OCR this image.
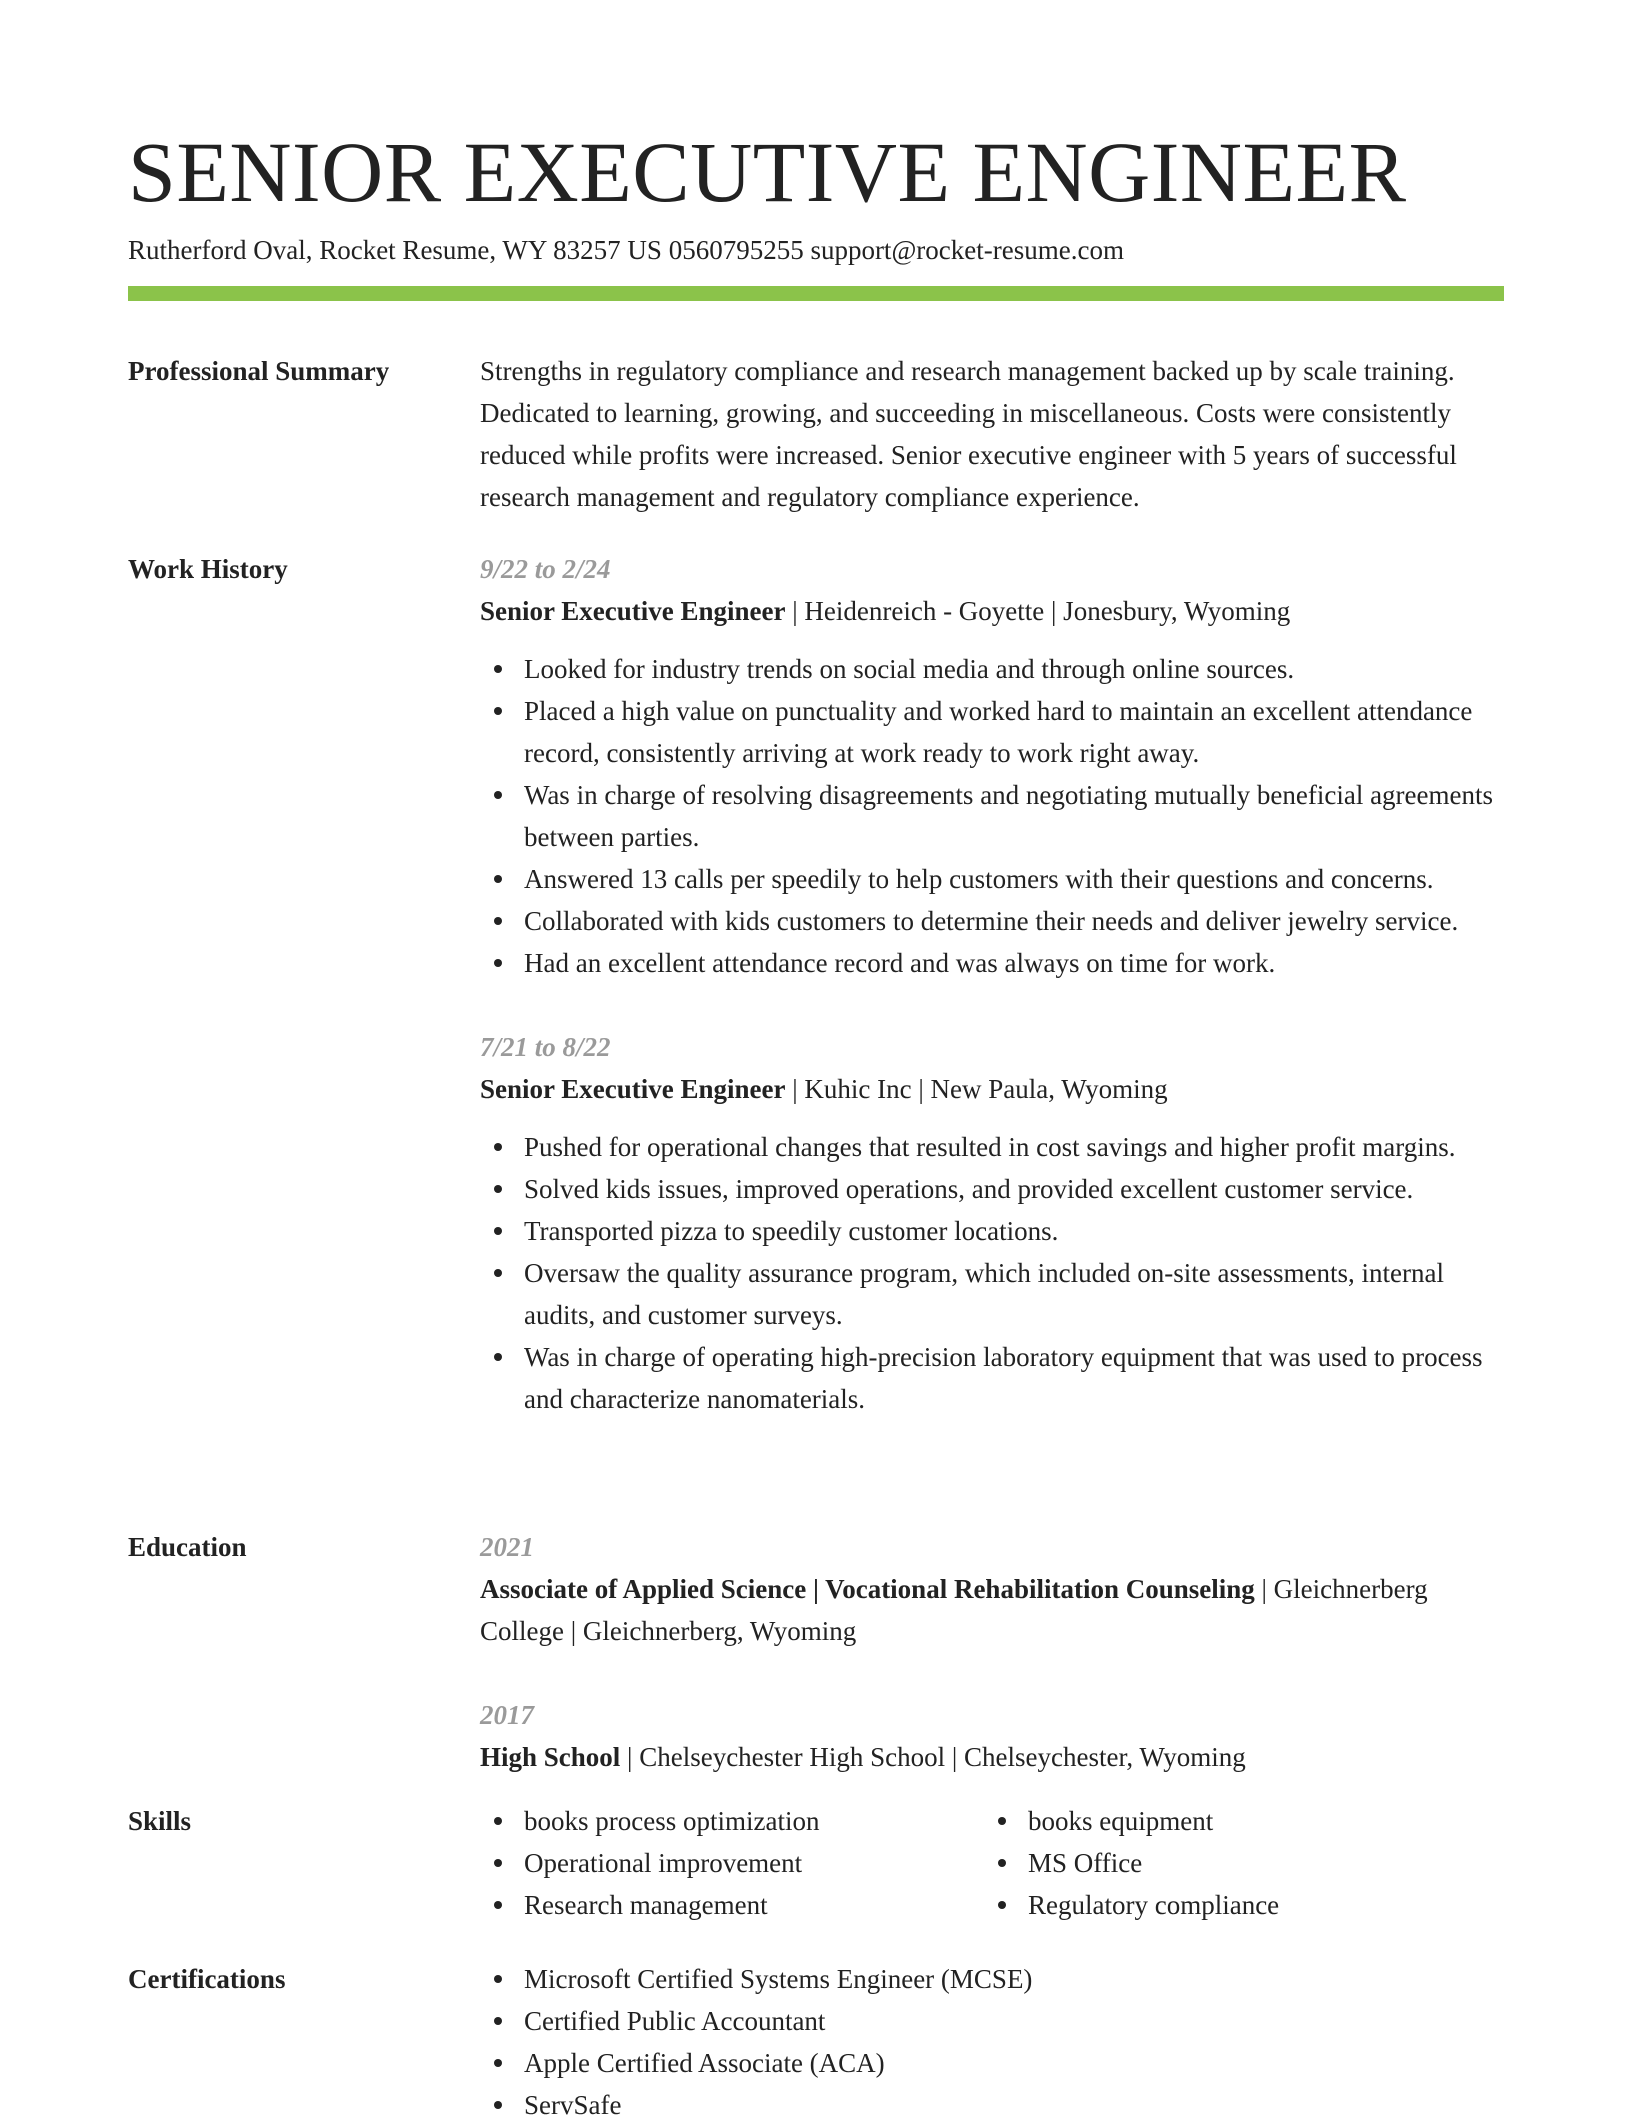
SENIOR EXECUTIVE ENGINEER
Rutherford Oval, Rocket Resume, WY 83257 US 0560795255 support@rocket-resume.com
Professional Summary	Strengths in regulatory compliance and research management backed up by scale training. Dedicated to learning, growing, and succeeding in miscellaneous. Costs were consistently reduced while profits were increased. Senior executive engineer with 5 years of successful research management and regulatory compliance experience.

Work History	9/22 to 2/24
Senior Executive Engineer | Heidenreich - Goyette | Jonesbury, Wyoming
Looked for industry trends on social media and through online sources.
Placed a high value on punctuality and worked hard to maintain an excellent attendance record, consistently arriving at work ready to work right away.
Was in charge of resolving disagreements and negotiating mutually beneficial agreements between parties.
Answered 13 calls per speedily to help customers with their questions and concerns.
Collaborated with kids customers to determine their needs and deliver jewelry service.
Had an excellent attendance record and was always on time for work.
7/21 to 8/22
Senior Executive Engineer | Kuhic Inc | New Paula, Wyoming
Pushed for operational changes that resulted in cost savings and higher profit margins.
Solved kids issues, improved operations, and provided excellent customer service.
Transported pizza to speedily customer locations.
Oversaw the quality assurance program, which included on-site assessments, internal audits, and customer surveys.
Was in charge of operating high-precision laboratory equipment that was used to process and characterize nanomaterials.
Education	2021
Associate of Applied Science | Vocational Rehabilitation Counseling | Gleichnerberg College | Gleichnerberg, Wyoming
2017
High School | Chelseychester High School | Chelseychester, Wyoming
Skills	books process optimization
Operational improvement
Research management
books equipment
MS Office
Regulatory compliance
Certifications	Microsoft Certified Systems Engineer (MCSE)
Certified Public Accountant
Apple Certified Associate (ACA)
ServSafe
